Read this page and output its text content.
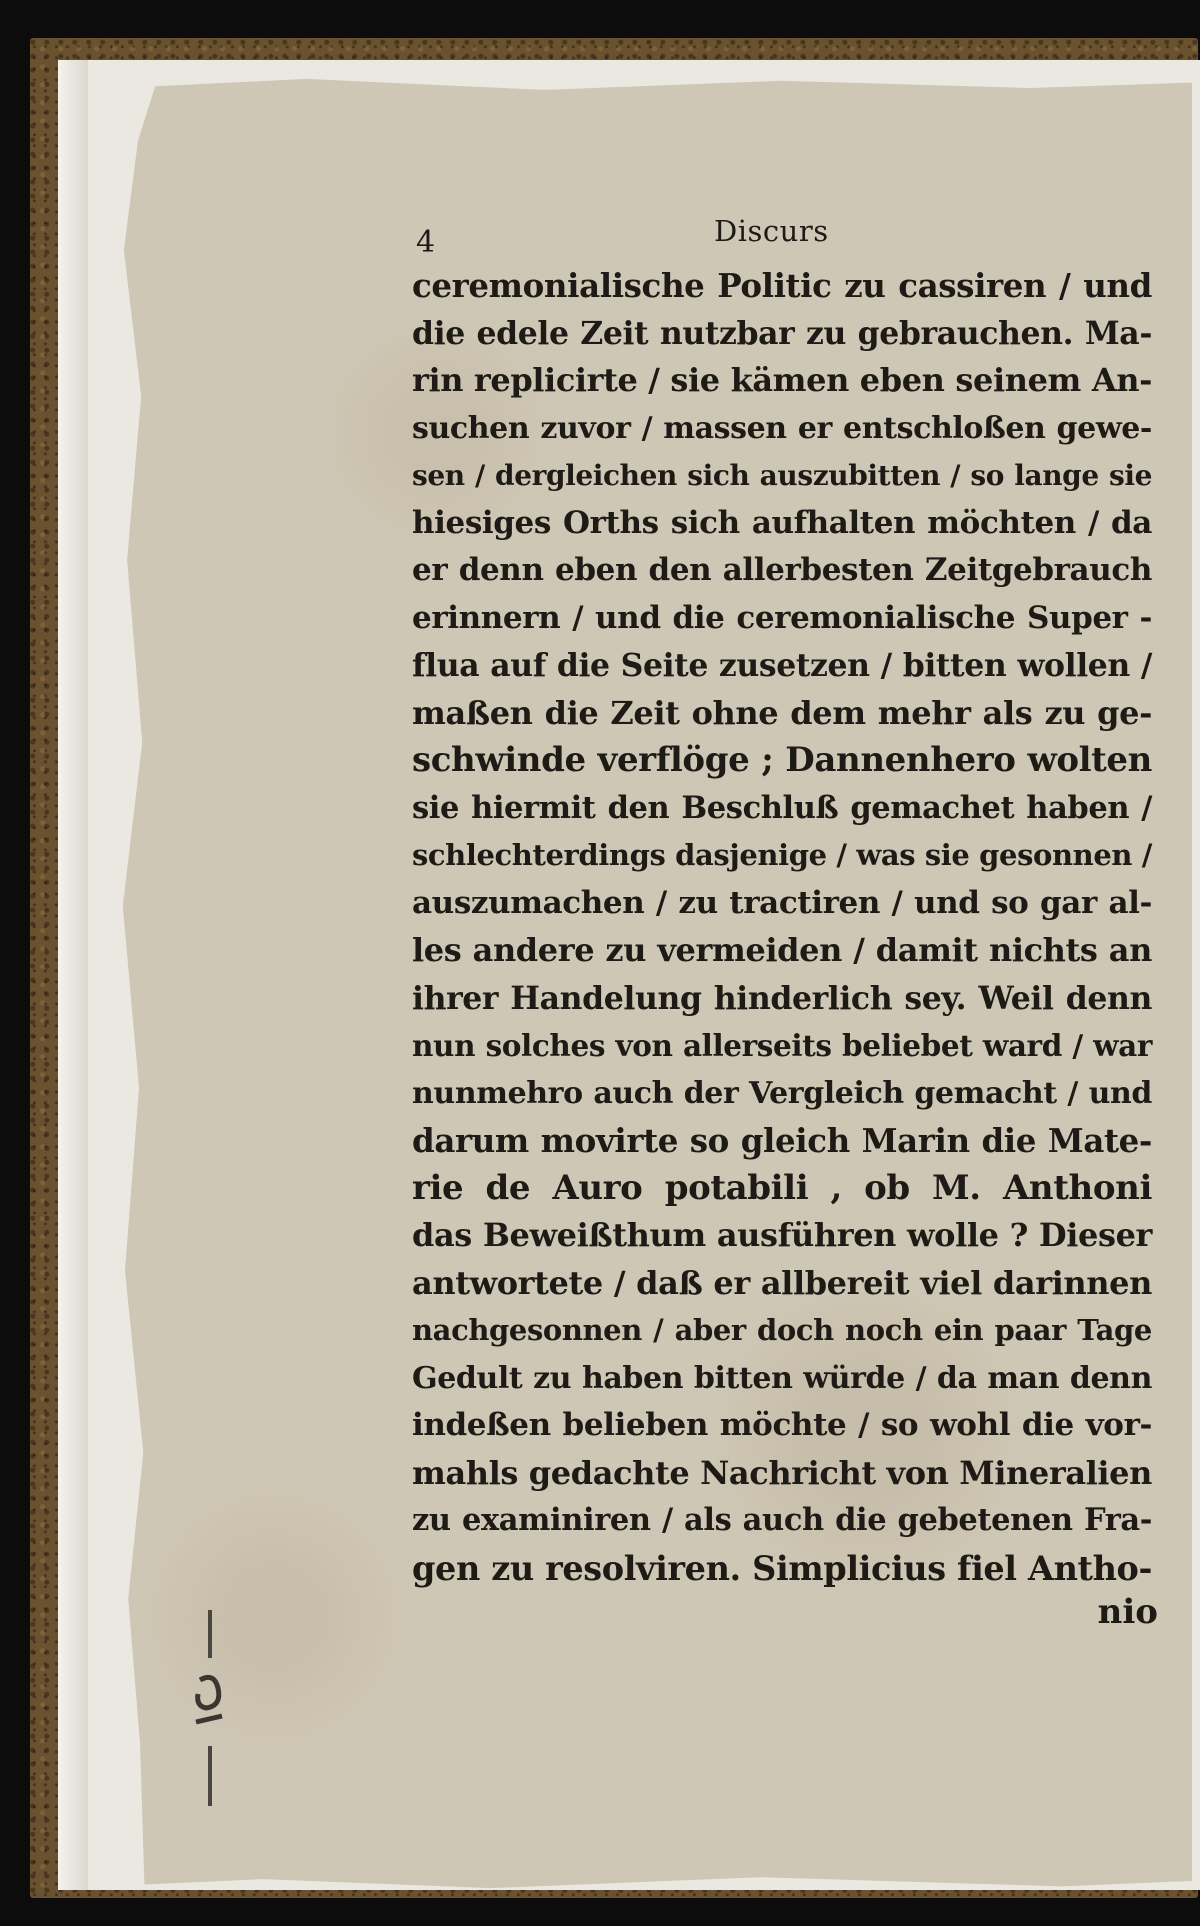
4	Discurs
ceremonialische Politic zu cassiren / und
die edele Zeit nutzbar zu gebrauchen. Ma-
rin replicirte / sie kämen eben seinem An-
suchen zuvor / massen er entschloßen gewe-
sen / dergleichen sich auszubitten / so lange sie
hiesiges Orths sich aufhalten möchten / da
er denn eben den allerbesten Zeitgebrauch
erinnern / und die ceremonialische Super -
flua auf die Seite zusetzen / bitten wollen /
maßen die Zeit ohne dem mehr als zu ge-
schwinde verflöge ; Dannenhero wolten
sie hiermit den Beschluß gemachet haben /
schlechterdings dasjenige / was sie gesonnen /
auszumachen / zu tractiren / und so gar al-
les andere zu vermeiden / damit nichts an
ihrer Handelung hinderlich sey. Weil denn
nun solches von allerseits beliebet ward / war
nunmehro auch der Vergleich gemacht / und
darum movirte so gleich Marin die Mate-
rie de Auro potabili , ob M. Anthoni
das Beweißthum ausführen wolle ? Dieser
antwortete / daß er allbereit viel darinnen
nachgesonnen / aber doch noch ein paar Tage
Gedult zu haben bitten würde / da man denn
indeßen belieben möchte / so wohl die vor-
mahls gedachte Nachricht von Mineralien
zu examiniren / als auch die gebetenen Fra-
gen zu resolviren. Simplicius fiel Antho-
nio
